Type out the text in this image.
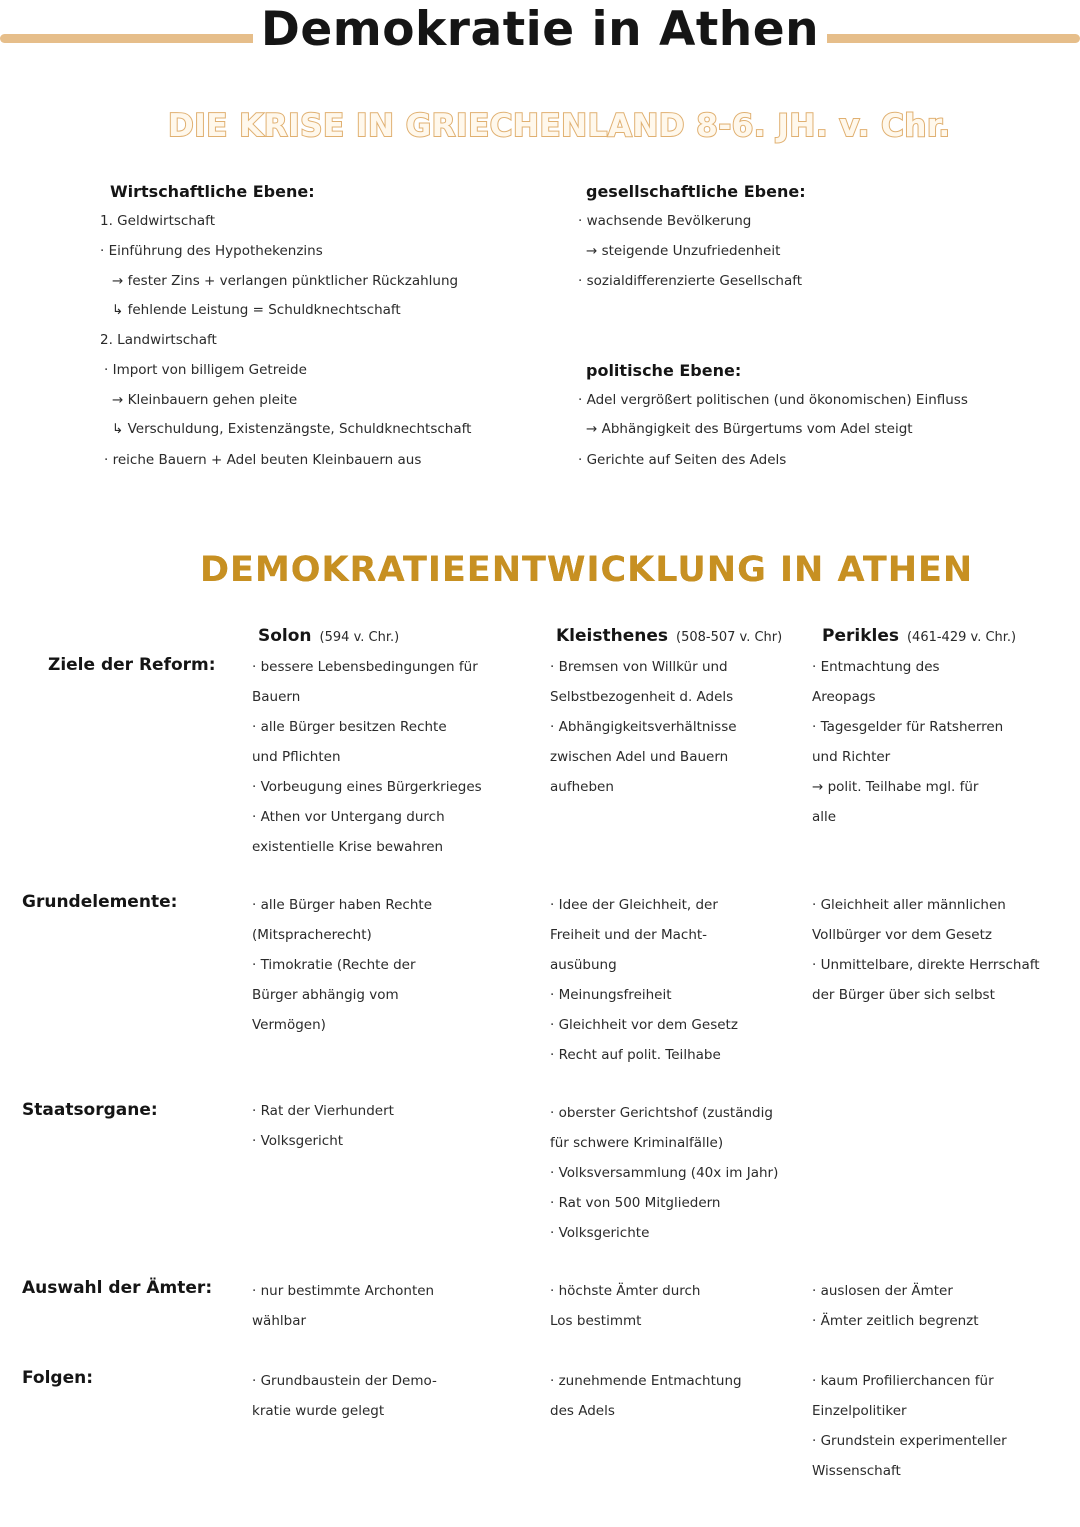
Demokratie in Athen
DIE KRISE IN GRIECHENLAND 8-6. JH. v. Chr.
Wirtschaftliche Ebene:
1. Geldwirtschaft
· Einführung des Hypothekenzins
→ fester Zins + verlangen pünktlicher Rückzahlung
↳ fehlende Leistung = Schuldknechtschaft
2. Landwirtschaft
· Import von billigem Getreide
→ Kleinbauern gehen pleite
↳ Verschuldung, Existenzängste, Schuldknechtschaft
· reiche Bauern + Adel beuten Kleinbauern aus
gesellschaftliche Ebene:
· wachsende Bevölkerung
→ steigende Unzufriedenheit
· sozialdifferenzierte Gesellschaft
politische Ebene:
· Adel vergrößert politischen (und ökonomischen) Einfluss
→ Abhängigkeit des Bürgertums vom Adel steigt
· Gerichte auf Seiten des Adels
DEMOKRATIEENTWICKLUNG IN ATHEN
Solon (594 v. Chr.)	Kleisthenes (508-507 v. Chr) Perikles (461-429 v. Chr.)
Ziele der Reform:
Grundelemente:
Staatsorgane:
Auswahl der Ämter:
Folgen:
· bessere Lebensbedingungen für
Bauern
· alle Bürger besitzen Rechte
und Pflichten
· Vorbeugung eines Bürgerkrieges
· Athen vor Untergang durch
existentielle Krise bewahren
· Bremsen von Willkür und
Selbstbezogenheit d. Adels
· Abhängigkeitsverhältnisse
zwischen Adel und Bauern
aufheben
· Entmachtung des
Areopags
· Tagesgelder für Ratsherren
und Richter
→ polit. Teilhabe mgl. für
alle
· alle Bürger haben Rechte
(Mitspracherecht)
· Timokratie (Rechte der
Bürger abhängig vom
Vermögen)
· Idee der Gleichheit, der
Freiheit und der Macht-
ausübung
· Meinungsfreiheit
· Gleichheit vor dem Gesetz
· Recht auf polit. Teilhabe
· Gleichheit aller männlichen
Vollbürger vor dem Gesetz
· Unmittelbare, direkte Herrschaft
der Bürger über sich selbst
· Rat der Vierhundert
· Volksgericht
· oberster Gerichtshof (zuständig
für schwere Kriminalfälle)
· Volksversammlung (40x im Jahr)
· Rat von 500 Mitgliedern
· Volksgerichte
· nur bestimmte Archonten
wählbar
· höchste Ämter durch
Los bestimmt
· auslosen der Ämter
· Ämter zeitlich begrenzt
· Grundbaustein der Demo-
kratie wurde gelegt
· zunehmende Entmachtung
des Adels
· kaum Profilierchancen für
Einzelpolitiker
· Grundstein experimenteller
Wissenschaft
